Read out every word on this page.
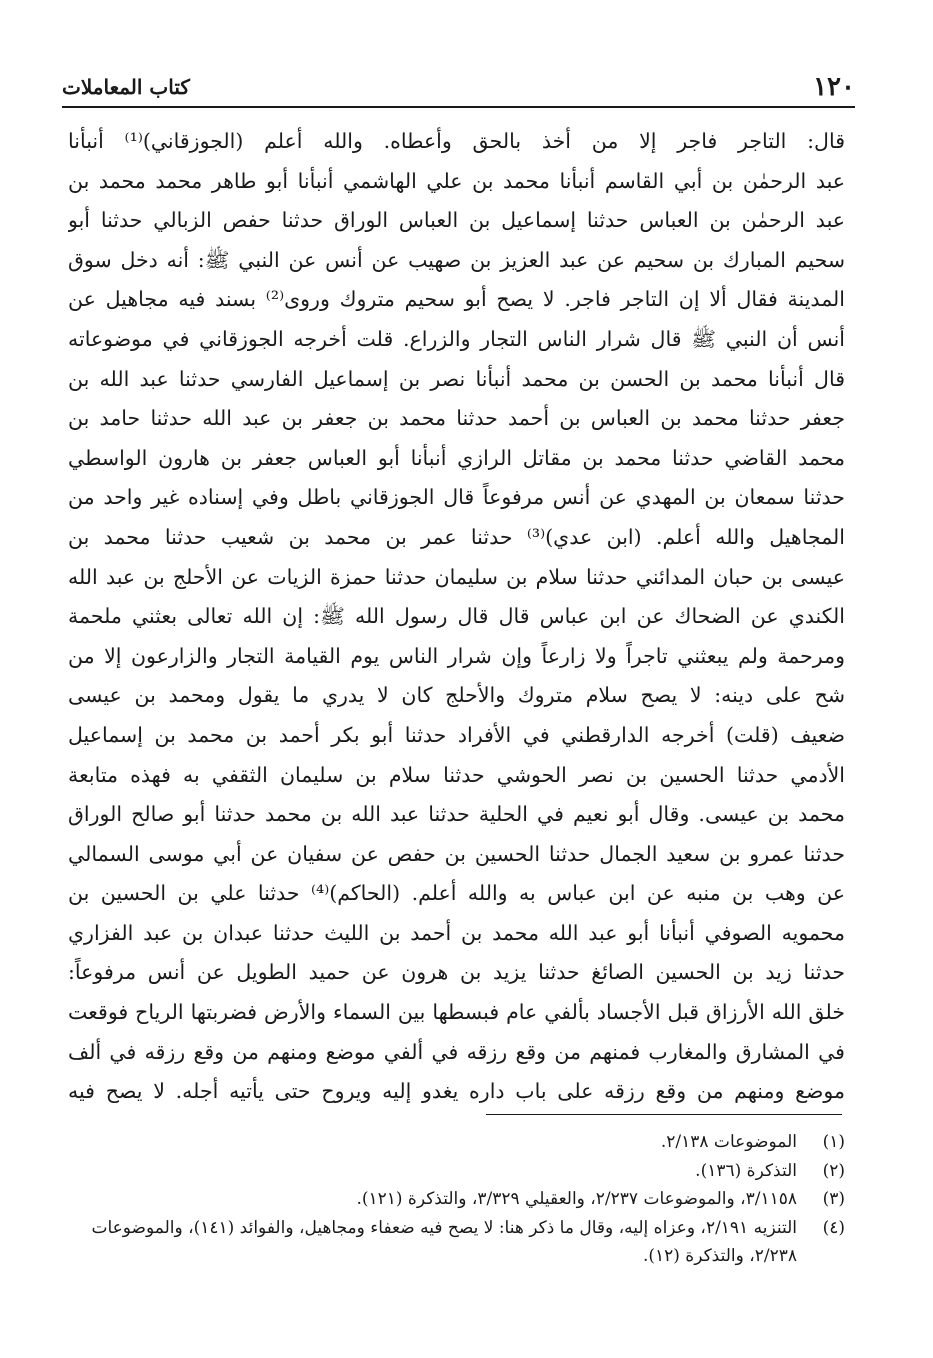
١٢٠
كتاب المعاملات
قال: التاجر فاجر إلا من أخذ بالحق وأعطاه. والله أعلم (الجوزقاني)⁽¹⁾ أنبأنا
عبد الرحمٰن بن أبي القاسم أنبأنا محمد بن علي الهاشمي أنبأنا أبو طاهر محمد محمد بن
عبد الرحمٰن بن العباس حدثنا إسماعيل بن العباس الوراق حدثنا حفص الزبالي حدثنا أبو
سحيم المبارك بن سحيم عن عبد العزيز بن صهيب عن أنس عن النبي ﷺ: أنه دخل سوق
المدينة فقال ألا إن التاجر فاجر. لا يصح أبو سحيم متروك وروى⁽²⁾ بسند فيه مجاهيل عن
أنس أن النبي ﷺ قال شرار الناس التجار والزراع. قلت أخرجه الجوزقاني في موضوعاته
قال أنبأنا محمد بن الحسن بن محمد أنبأنا نصر بن إسماعيل الفارسي حدثنا عبد الله بن
جعفر حدثنا محمد بن العباس بن أحمد حدثنا محمد بن جعفر بن عبد الله حدثنا حامد بن
محمد القاضي حدثنا محمد بن مقاتل الرازي أنبأنا أبو العباس جعفر بن هارون الواسطي
حدثنا سمعان بن المهدي عن أنس مرفوعاً قال الجوزقاني باطل وفي إسناده غير واحد من
المجاهيل والله أعلم. (ابن عدي)⁽³⁾ حدثنا عمر بن محمد بن شعيب حدثنا محمد بن
عيسى بن حبان المدائني حدثنا سلام بن سليمان حدثنا حمزة الزيات عن الأحلج بن عبد الله
الكندي عن الضحاك عن ابن عباس قال قال رسول الله ﷺ: إن الله تعالى بعثني ملحمة
ومرحمة ولم يبعثني تاجراً ولا زارعاً وإن شرار الناس يوم القيامة التجار والزارعون إلا من
شح على دينه: لا يصح سلام متروك والأحلج كان لا يدري ما يقول ومحمد بن عيسى
ضعيف (قلت) أخرجه الدارقطني في الأفراد حدثنا أبو بكر أحمد بن محمد بن إسماعيل
الأدمي حدثنا الحسين بن نصر الحوشي حدثنا سلام بن سليمان الثقفي به فهذه متابعة
محمد بن عيسى. وقال أبو نعيم في الحلية حدثنا عبد الله بن محمد حدثنا أبو صالح الوراق
حدثنا عمرو بن سعيد الجمال حدثنا الحسين بن حفص عن سفيان عن أبي موسى السمالي
عن وهب بن منبه عن ابن عباس به والله أعلم. (الحاكم)⁽⁴⁾ حدثنا علي بن الحسين بن
محمويه الصوفي أنبأنا أبو عبد الله محمد بن أحمد بن الليث حدثنا عبدان بن عبد الفزاري
حدثنا زيد بن الحسين الصائغ حدثنا يزيد بن هرون عن حميد الطويل عن أنس مرفوعاً:
خلق الله الأرزاق قبل الأجساد بألفي عام فبسطها بين السماء والأرض فضربتها الرياح فوقعت
في المشارق والمغارب فمنهم من وقع رزقه في ألفي موضع ومنهم من وقع رزقه في ألف
موضع ومنهم من وقع رزقه على باب داره يغدو إليه ويروح حتى يأتيه أجله. لا يصح فيه
(١)
الموضوعات ٢/١٣٨.
(٢)
التذكرة (١٣٦).
(٣)
٣/١١٥٨، والموضوعات ٢/٢٣٧، والعقيلي ٣/٣٢٩، والتذكرة (١٢١).
(٤)
التنزيه ٢/١٩١، وعزاه إليه، وقال ما ذكر هنا: لا يصح فيه ضعفاء ومجاهيل، والفوائد (١٤١)، والموضوعات ٢/٢٣٨، والتذكرة (١٢).
